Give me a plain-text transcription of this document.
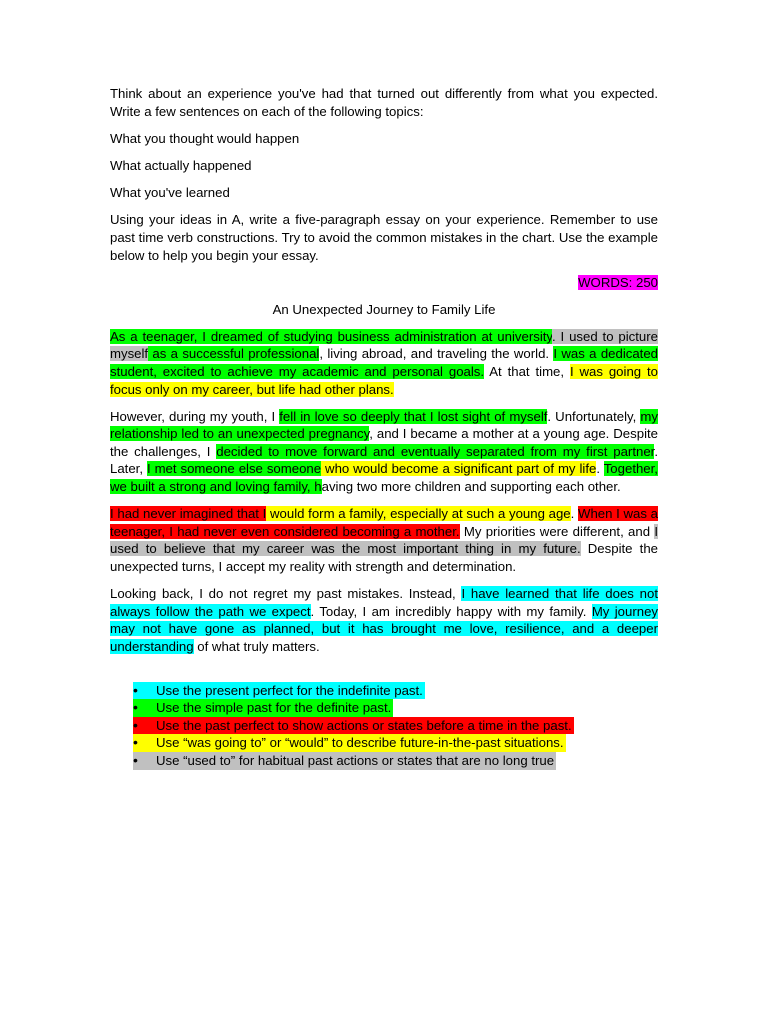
Think about an experience you've had that turned out differently from what you expected. Write a few sentences on each of the following topics:

What you thought would happen

What actually happened

What you've learned

Using your ideas in A, write a five-paragraph essay on your experience. Remember to use past time verb constructions. Try to avoid the common mistakes in the chart. Use the example below to help you begin your essay.

WORDS: 250
An Unexpected Journey to Family Life

As a teenager, I dreamed of studying business administration at university. I used to picture myself as a successful professional, living abroad, and traveling the world. I was a dedicated student, excited to achieve my academic and personal goals. At that time, I was going to focus only on my career, but life had other plans.

However, during my youth, I fell in love so deeply that I lost sight of myself. Unfortunately, my relationship led to an unexpected pregnancy, and I became a mother at a young age. Despite the challenges, I decided to move forward and eventually separated from my first partner. Later, I met someone else someone who would become a significant part of my life. Together, we built a strong and loving family, having two more children and supporting each other.

I had never imagined that I would form a family, especially at such a young age. When I was a teenager, I had never even considered becoming a mother. My priorities were different, and I used to believe that my career was the most important thing in my future. Despite the unexpected turns, I accept my reality with strength and determination.

Looking back, I do not regret my past mistakes. Instead, I have learned that life does not always follow the path we expect. Today, I am incredibly happy with my family. My journey may not have gone as planned, but it has brought me love, resilience, and a deeper understanding of what truly matters.

•	Use the present perfect for the indefinite past.
•	Use the simple past for the definite past.
•	Use the past perfect to show actions or states before a time in the past.
•	Use “was going to” or “would” to describe future-in-the-past situations.
•	Use “used to” for habitual past actions or states that are no long true
